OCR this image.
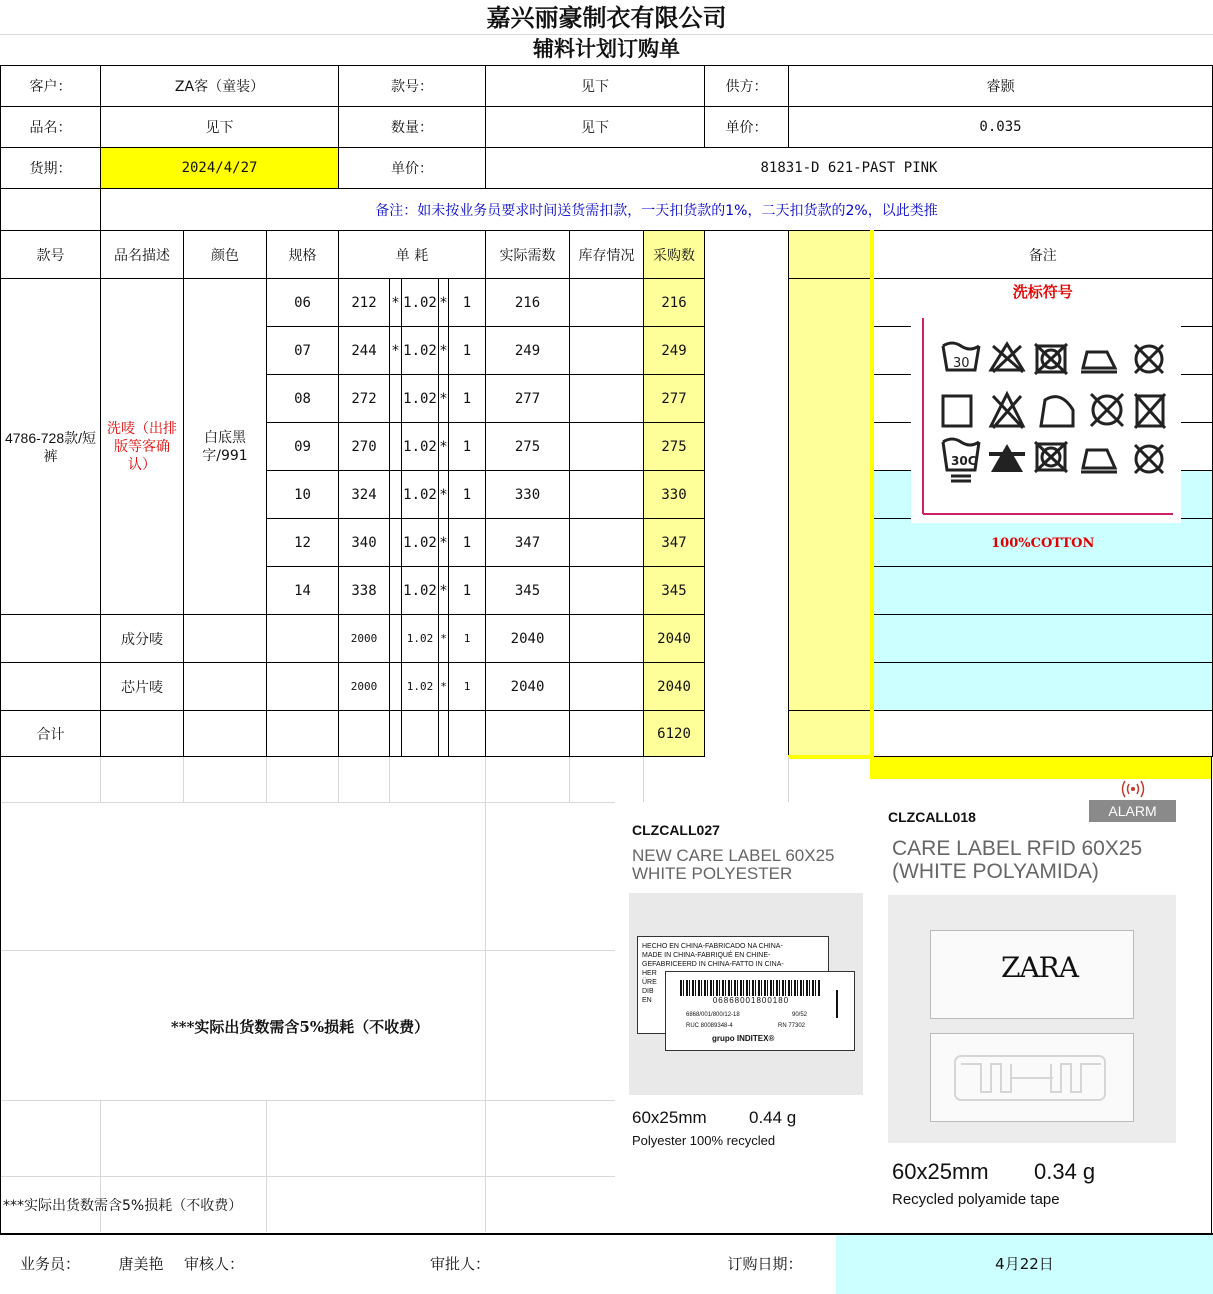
嘉兴丽豪制衣有限公司
辅料计划订购单
客户：	ZA客（童装）	款号：	见下	供方：	睿颢
品名：	见下	数量：	见下	单价：	0.035
货期：	2024/4/27	单价：	81831-D 621-PAST PINK		
	备注：如未按业务员要求时间送货需扣款，一天扣货款的1%，二天扣货款的2%，以此类推				
款号	品名描述	颜色	规格	单 耗					实际需数	库存情况	采购数			备注
4786-728款/短裤	洗唛（出排版等客确认）	白底黑字/991	06	212	*	1.02	*	1	216		216			洗标符号
			07	244	*	1.02	*	1	249		249			
			08	272		1.02	*	1	277		277			
			09	270		1.02	*	1	275		275			
			10	324		1.02	*	1	330		330			
			12	340		1.02	*	1	347		347			100%COTTON
			14	338		1.02	*	1	345		345			
	成分唛			2000		1.02	*	1	2040		2040			
	芯片唛			2000		1.02	*	1	2040		2040			
合计											6120			
30
30C
***实际出货数需含5%损耗（不收费）
***实际出货数需含5%损耗（不收费）
CLZCALL027
NEW CARE LABEL 60X25
WHITE POLYESTER
HECHO EN CHINA-FABRICADO NA CHINA-
MADE IN CHINA-FABRIQUÉ EN CHINE-
GEFABRICEERD IN CHINA-FATTO IN CINA-
HER
ÜRE
DIB
EN	06868001800180
6868/001/800/12-18	90/52
RUC 80089348-4	RN 77302
grupo INDITEX®
60x25mm 0.44 g
Polyester 100% recycled
ALARM
CLZCALL018
CARE LABEL RFID 60X25
(WHITE POLYAMIDA)
ZARA
60x25mm 0.34 g
Recycled polyamide tape
业务员：	唐美艳	审核人：	审批人：	订购日期：	4月22日
